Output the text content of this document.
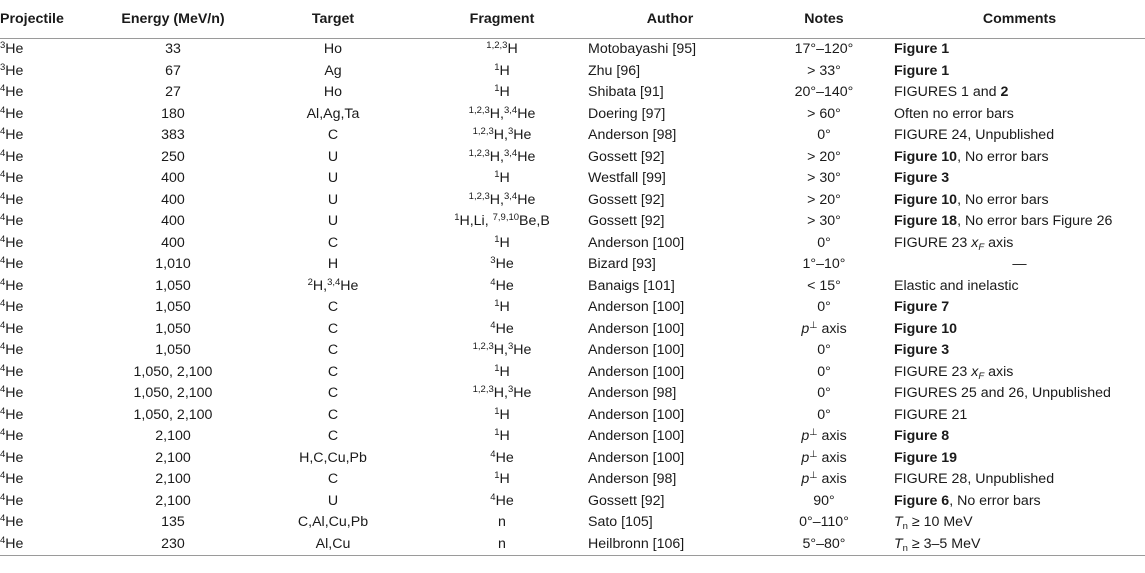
Projectile	Energy (MeV/n)	Target	Fragment	Author	Notes	Comments
$^3$He	33	Ho	$^{1,2,3}$H	Motobayashi [95]	17°–120°	Figure 1
$^3$He	67	Ag	$^1$H	Zhu [96]	> 33°	Figure 1
$^4$He	27	Ho	$^1$H	Shibata [91]	20°–140°	FIGURES 1 and 2
$^4$He	180	Al,Ag,Ta	$^{1,2,3}$H,$^{3,4}$He	Doering [97]	> 60°	Often no error bars
$^4$He	383	C	$^{1,2,3}$H,$^3$He	Anderson [98]	0°	FIGURE 24, Unpublished
$^4$He	250	U	$^{1,2,3}$H,$^{3,4}$He	Gossett [92]	> 20°	Figure 10, No error bars
$^4$He	400	U	$^1$H	Westfall [99]	> 30°	Figure 3
$^4$He	400	U	$^{1,2,3}$H,$^{3,4}$He	Gossett [92]	> 20°	Figure 10, No error bars
$^4$He	400	U	$^1$H,Li, $^{7,9,10}$Be,B	Gossett [92]	> 30°	Figure 18, No error bars Figure 26
$^4$He	400	C	$^1$H	Anderson [100]	0°	FIGURE 23 $x_F$ axis
$^4$He	1,010	H	$^3$He	Bizard [93]	1°–10°	—
$^4$He	1,050	$^2$H,$^{3,4}$He	$^4$He	Banaigs [101]	< 15°	Elastic and inelastic
$^4$He	1,050	C	$^1$H	Anderson [100]	0°	Figure 7
$^4$He	1,050	C	$^4$He	Anderson [100]	p⊥ axis	Figure 10
$^4$He	1,050	C	$^{1,2,3}$H,$^3$He	Anderson [100]	0°	Figure 3
$^4$He	1,050, 2,100	C	$^1$H	Anderson [100]	0°	FIGURE 23 $x_F$ axis
$^4$He	1,050, 2,100	C	$^{1,2,3}$H,$^3$He	Anderson [98]	0°	FIGURES 25 and 26, Unpublished
$^4$He	1,050, 2,100	C	$^1$H	Anderson [100]	0°	FIGURE 21
$^4$He	2,100	C	$^1$H	Anderson [100]	p⊥ axis	Figure 8
$^4$He	2,100	H,C,Cu,Pb	$^4$He	Anderson [100]	p⊥ axis	Figure 19
$^4$He	2,100	C	$^1$H	Anderson [98]	p⊥ axis	FIGURE 28, Unpublished
$^4$He	2,100	U	$^4$He	Gossett [92]	90°	Figure 6, No error bars
$^4$He	135	C,Al,Cu,Pb	n	Sato [105]	0°–110°	$T_n \ge 10$ MeV
$^4$He	230	Al,Cu	n	Heilbronn [106]	5°–80°	$T_n \ge 3-5$ MeV
